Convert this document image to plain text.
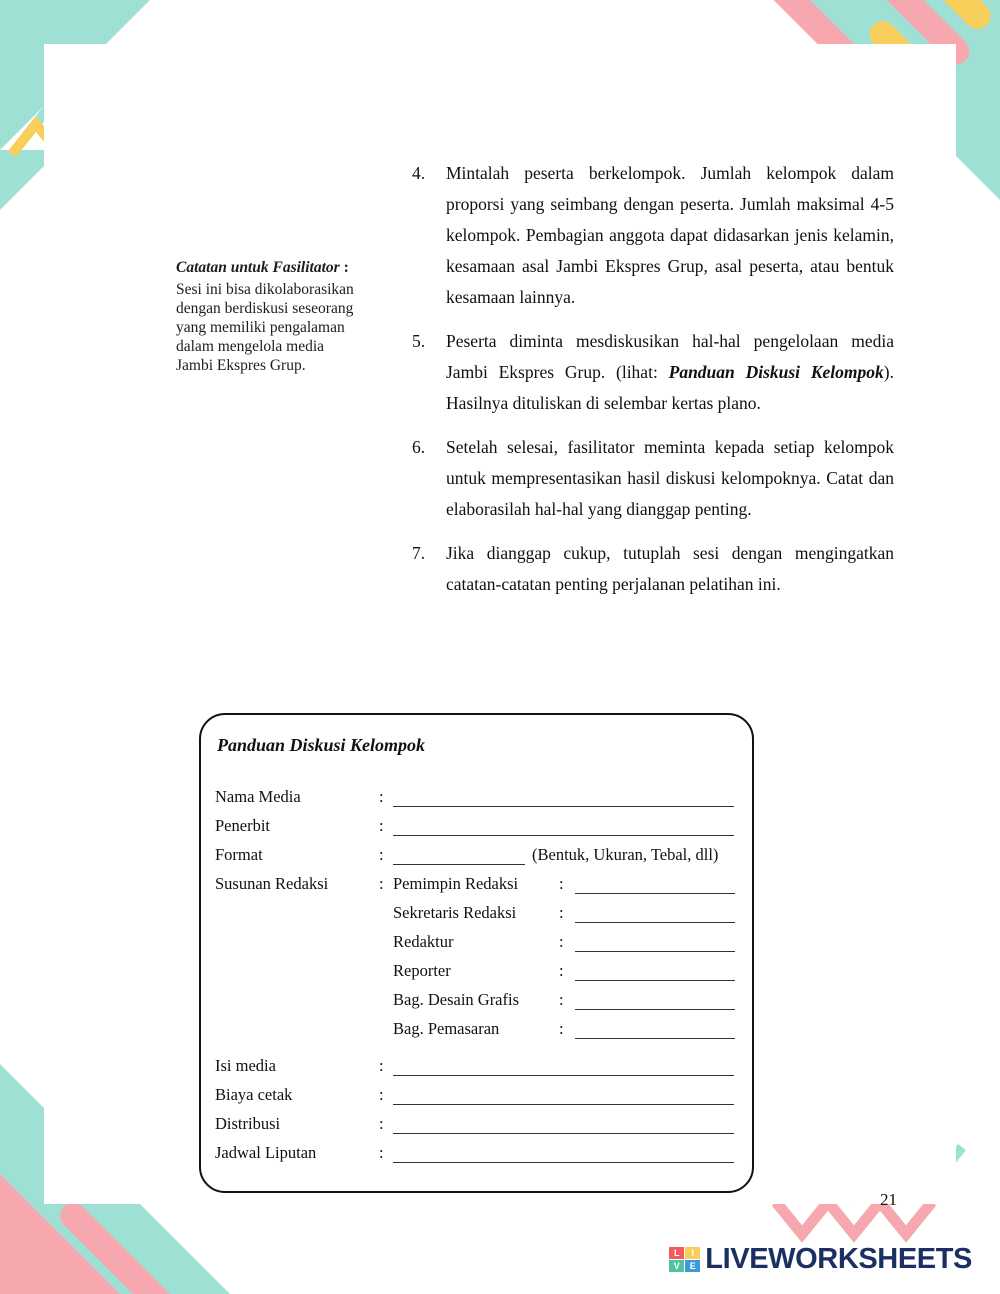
Catatan untuk Fasilitator :
Sesi ini bisa dikolaborasikan dengan berdiskusi seseorang yang memiliki pengalaman dalam mengelola media Jambi Ekspres Grup.
4.	Mintalah peserta berkelompok. Jumlah kelompok dalam proporsi yang seimbang dengan peserta. Jumlah maksimal 4-5 kelompok. Pembagian anggota dapat didasarkan jenis kelamin, kesamaan asal Jambi Ekspres Grup, asal peserta, atau bentuk kesamaan lainnya.
5.	Peserta diminta mesdiskusikan hal-hal pengelolaan media Jambi Ekspres Grup. (lihat: Panduan Diskusi Kelompok). Hasilnya dituliskan di selembar kertas plano.
6.	Setelah selesai, fasilitator meminta kepada setiap kelompok untuk mempresentasikan hasil diskusi kelompoknya. Catat dan elaborasilah hal-hal yang dianggap penting.
7.	Jika dianggap cukup, tutuplah sesi dengan mengingatkan catatan-catatan penting perjalanan pelatihan ini.
Panduan Diskusi Kelompok
Nama Media	:
Penerbit	:
Format	:	(Bentuk, Ukuran, Tebal, dll)
Susunan Redaksi	: Pemimpin Redaksi	:
Sekretaris Redaksi	:
Redaktur	:
Reporter	:
Bag. Desain Grafis	:
Bag. Pemasaran	:
Isi media	:
Biaya cetak	:
Distribusi	:
Jadwal Liputan	:
21
L	I
V	E LIVEWORKSHEETS
